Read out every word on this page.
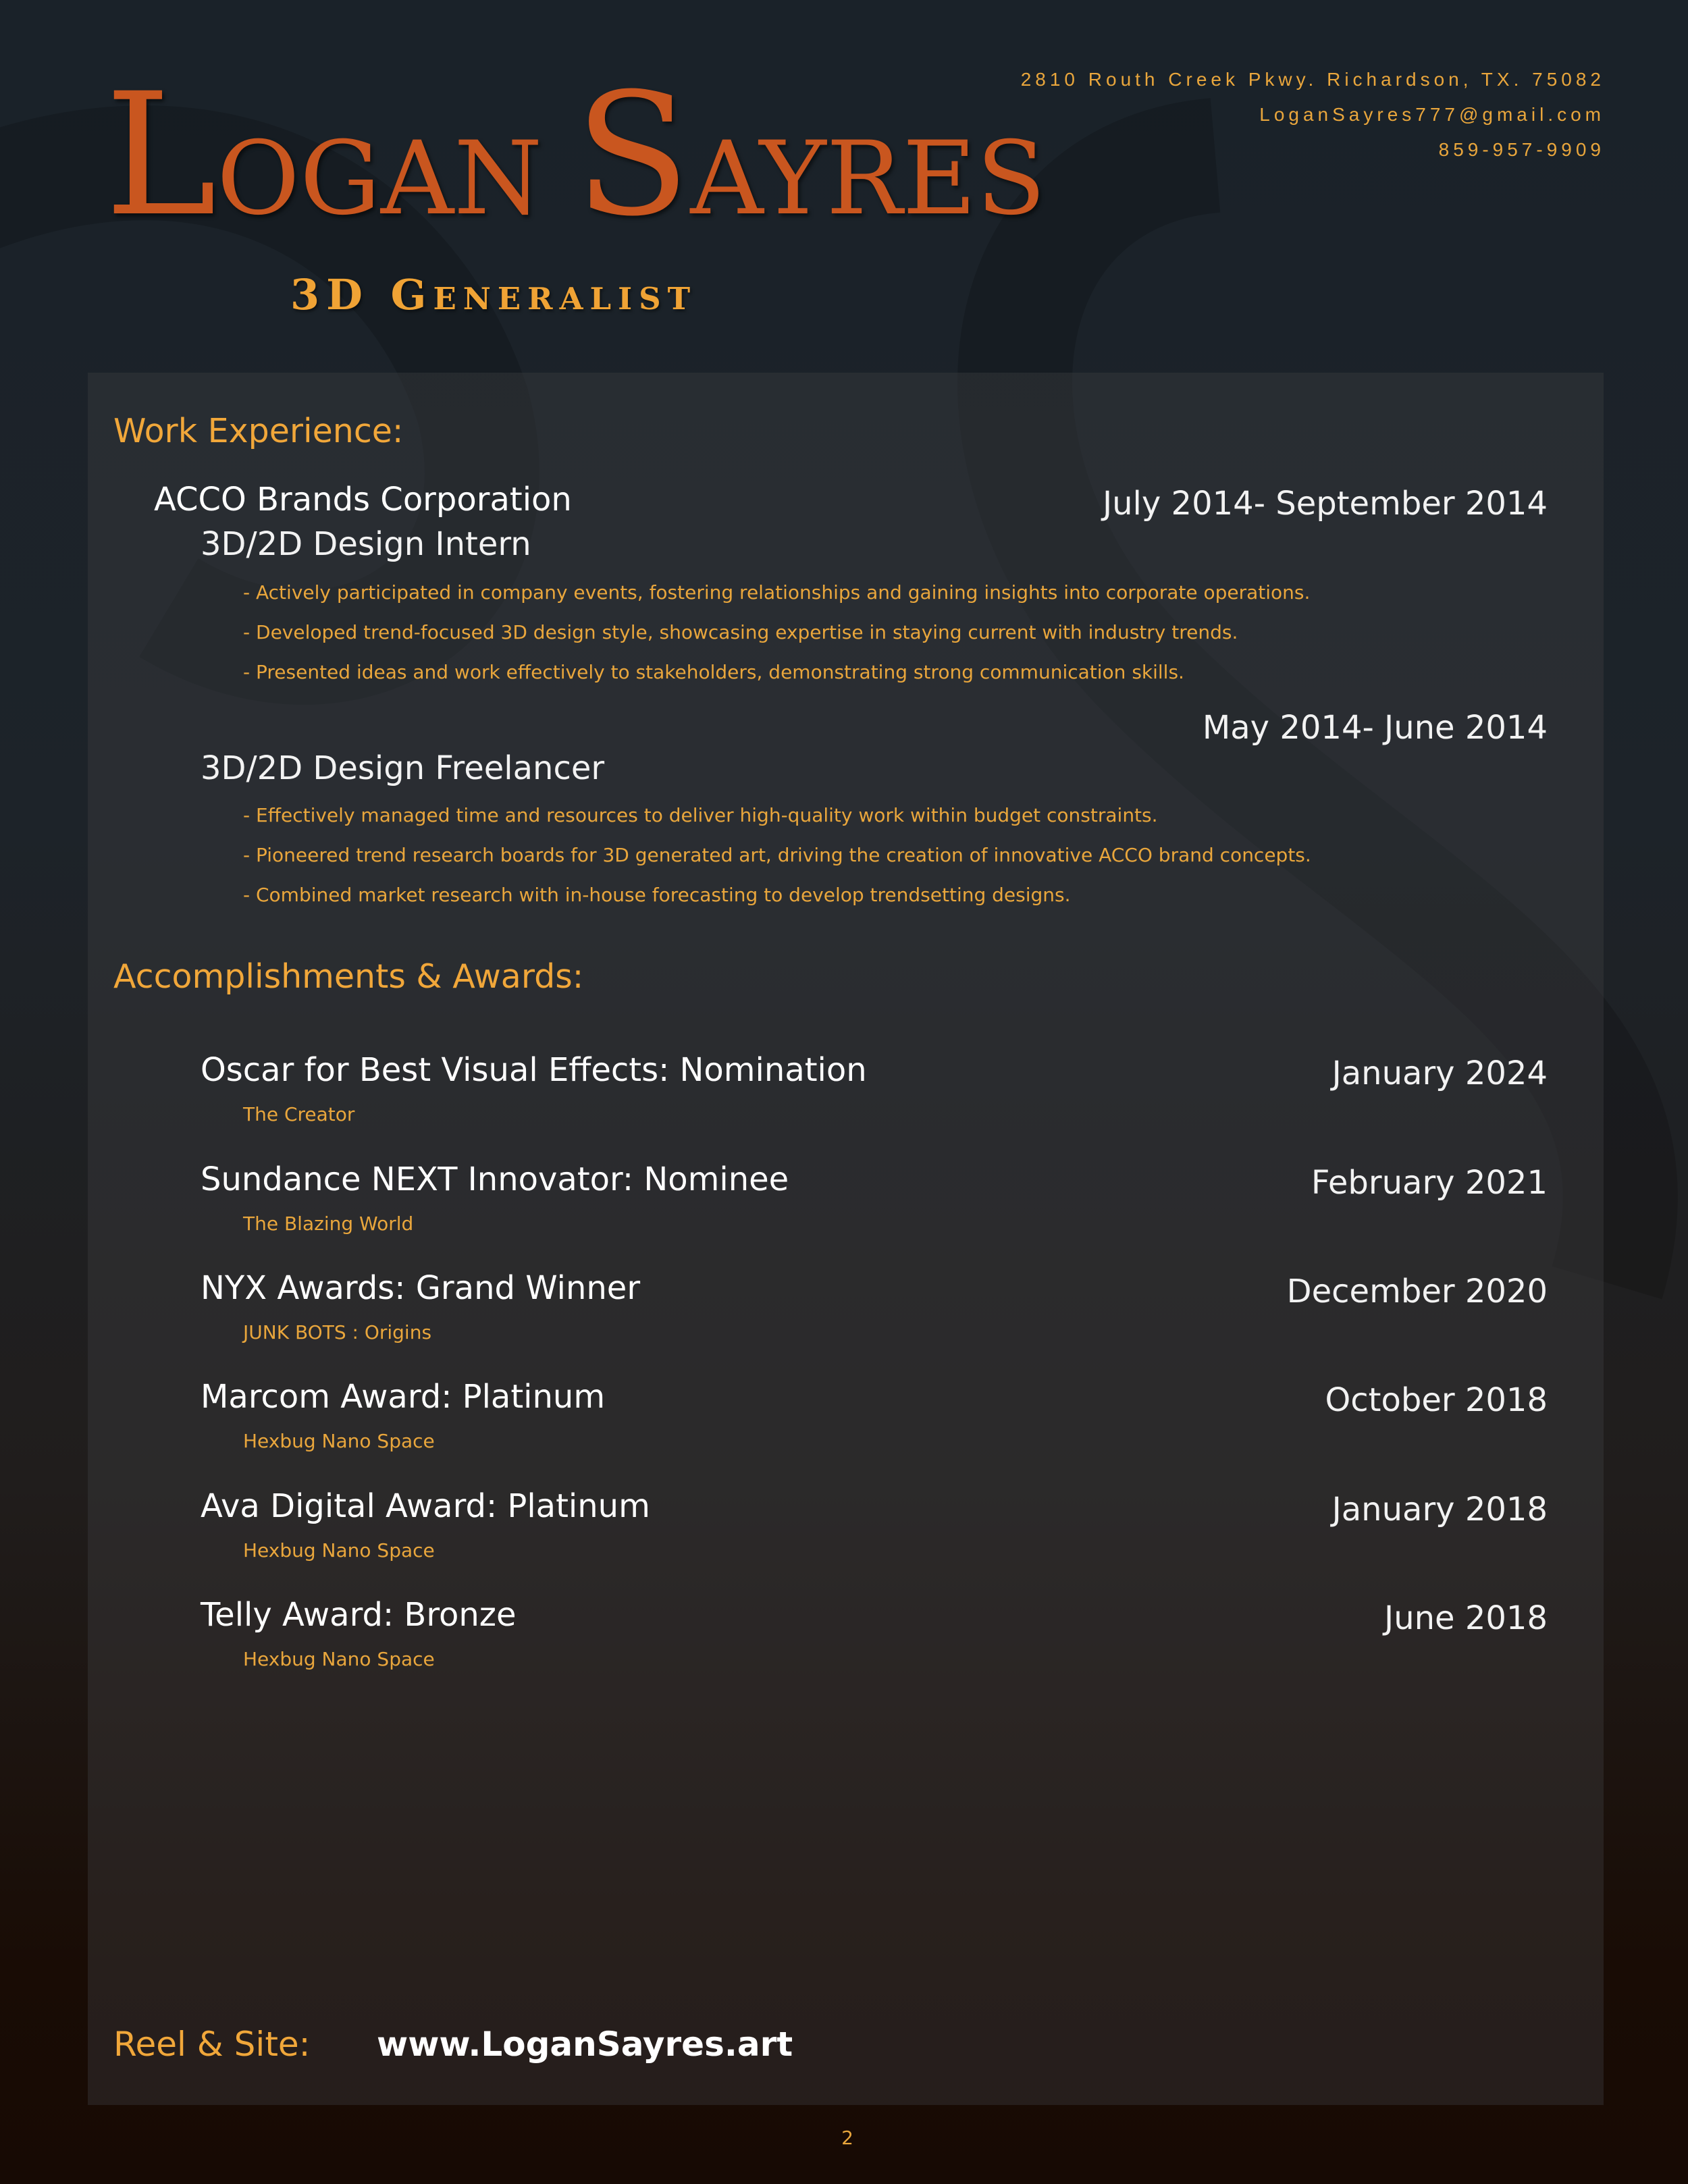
LOGAN SAYRES
3D GENERALIST
2810 Routh Creek Pkwy. Richardson, TX. 75082
LoganSayres777@gmail.com
859-957-9909
Work Experience:
ACCO Brands Corporation	July 2014- September 2014
3D/2D Design Intern
- Actively participated in company events, fostering relationships and gaining insights into corporate operations.
- Developed trend-focused 3D design style, showcasing expertise in staying current with industry trends.
- Presented ideas and work effectively to stakeholders, demonstrating strong communication skills.
May 2014- June 2014
3D/2D Design Freelancer
- Effectively managed time and resources to deliver high-quality work within budget constraints.
- Pioneered trend research boards for 3D generated art, driving the creation of innovative ACCO brand concepts.
- Combined market research with in-house forecasting to develop trendsetting designs.
Accomplishments & Awards:
Oscar for Best Visual Effects: Nomination	January 2024
The Creator
Sundance NEXT Innovator: Nominee	February 2021
The Blazing World
NYX Awards: Grand Winner	December 2020
JUNK BOTS : Origins
Marcom Award: Platinum	October 2018
Hexbug Nano Space
Ava Digital Award: Platinum	January 2018
Hexbug Nano Space
Telly Award: Bronze	June 2018
Hexbug Nano Space
Reel & Site: www.LoganSayres.art
2
